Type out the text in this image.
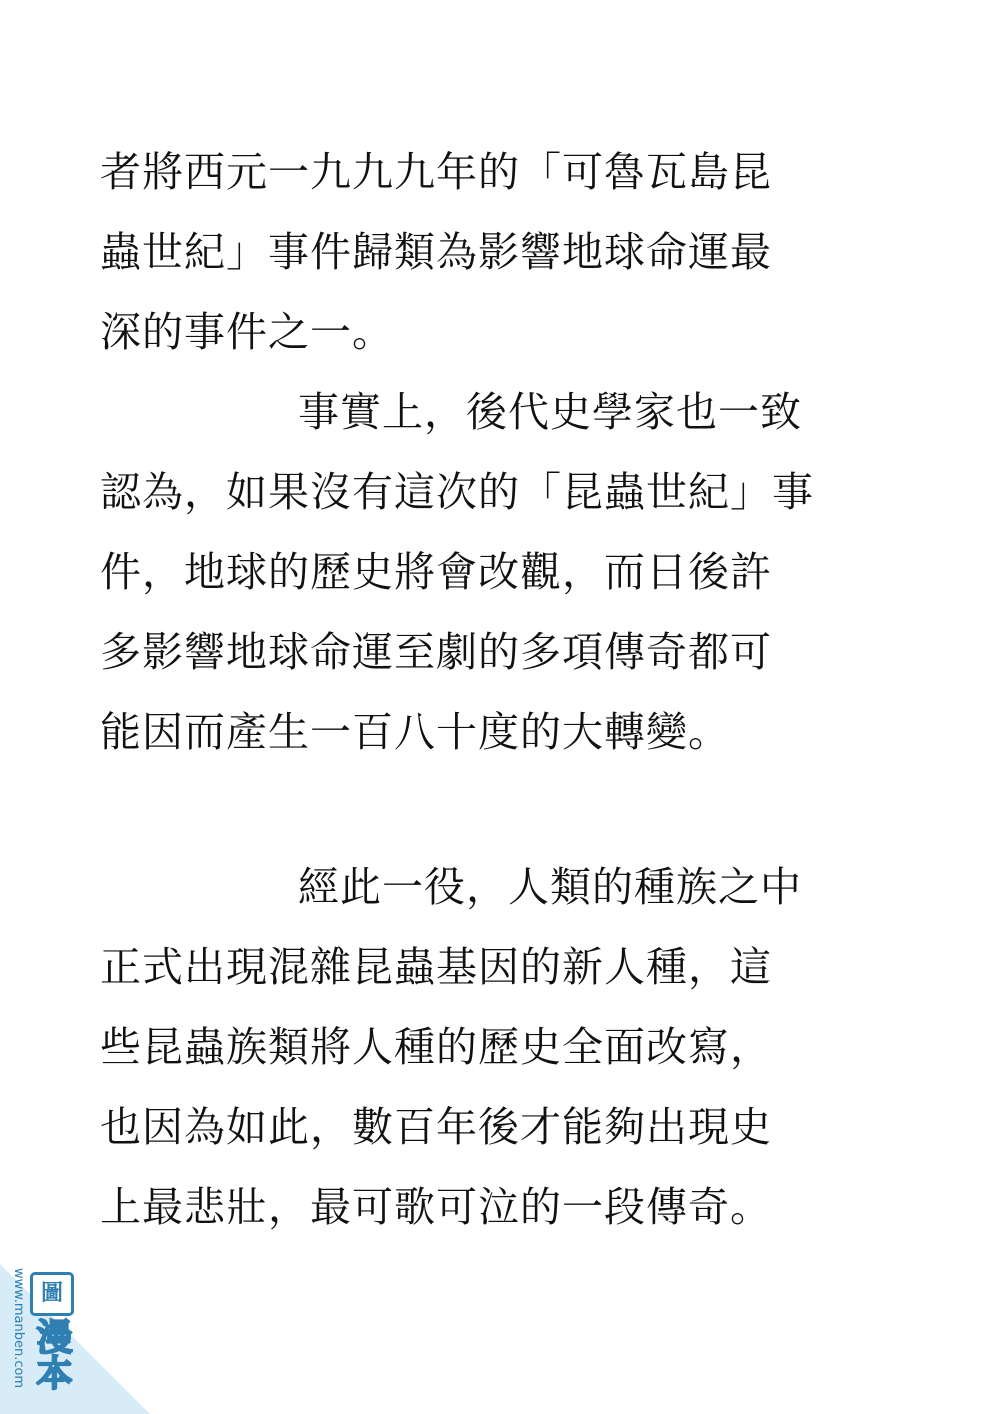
者將西元一九九九年的「可魯瓦島昆
蟲世紀」事件歸類為影響地球命運最
深的事件之一。
事實上，後代史學家也一致
認為，如果沒有這次的「昆蟲世紀」事
件，地球的歷史將會改觀，而日後許
多影響地球命運至劇的多項傳奇都可
能因而產生一百八十度的大轉變。
經此一役，人類的種族之中
正式出現混雜昆蟲基因的新人種，這
些昆蟲族類將人種的歷史全面改寫，
也因為如此，數百年後才能夠出現史
上最悲壯，最可歌可泣的一段傳奇。
www.manben.com 圖
漫本
